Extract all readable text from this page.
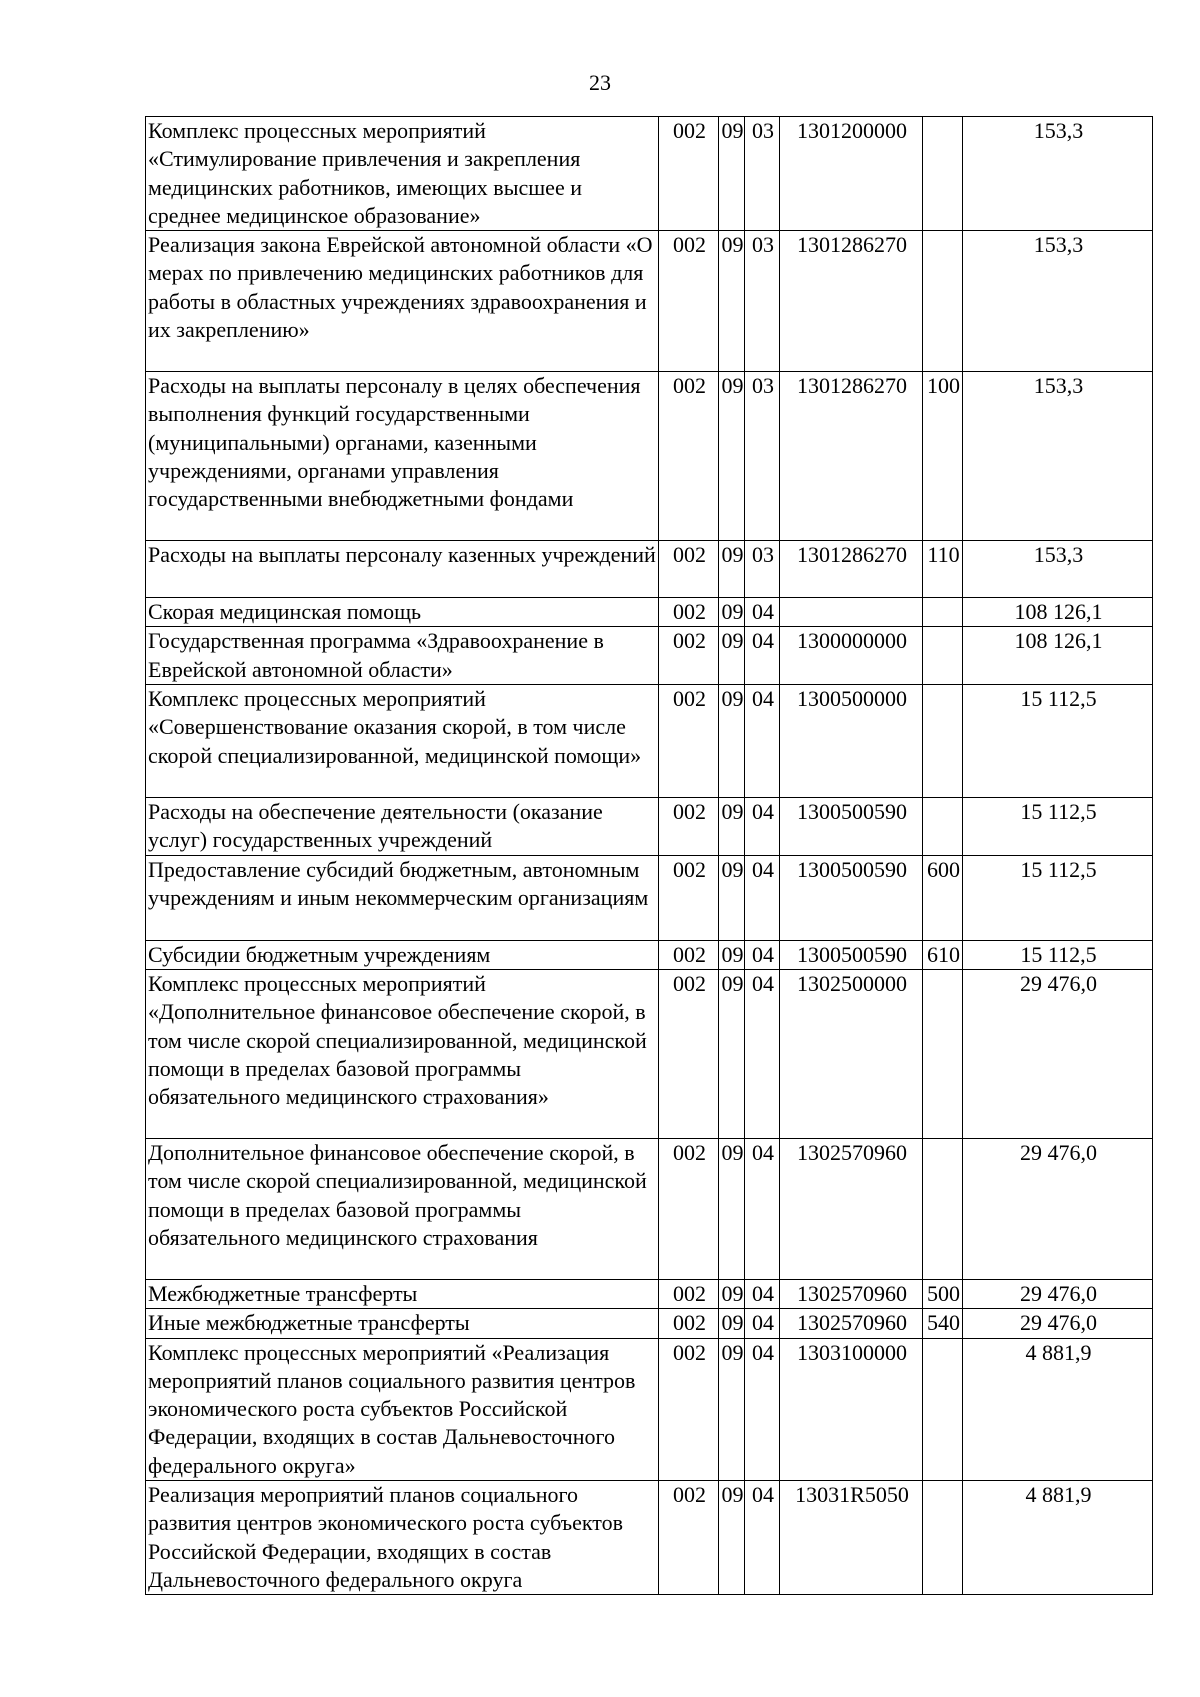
23
Комплекс процессных мероприятий «Стимулирование привлечения и закрепления медицинских работников, имеющих высшее и среднее медицинское образование»	002	09	03	1301200000		153,3
Реализация закона Еврейской автономной области «О мерах по привлечению медицинских работников для работы в областных учреждениях здравоохранения и их закреплению»	002	09	03	1301286270		153,3
Расходы на выплаты персоналу в целях обеспечения выполнения функций государственными (муниципальными) органами, казенными учреждениями, органами управления государственными внебюджетными фондами	002	09	03	1301286270	100	153,3
Расходы на выплаты персоналу казенных учреждений	002	09	03	1301286270	110	153,3
Скорая медицинская помощь	002	09	04			108 126,1
Государственная программа «Здравоохранение в Еврейской автономной области»	002	09	04	1300000000		108 126,1
Комплекс процессных мероприятий «Совершенствование оказания скорой, в том числе скорой специализированной, медицинской помощи»	002	09	04	1300500000		15 112,5
Расходы на обеспечение деятельности (оказание услуг) государственных учреждений	002	09	04	1300500590		15 112,5
Предоставление субсидий бюджетным, автономным учреждениям и иным некоммерческим организациям	002	09	04	1300500590	600	15 112,5
Субсидии бюджетным учреждениям	002	09	04	1300500590	610	15 112,5
Комплекс процессных мероприятий «Дополнительное финансовое обеспечение скорой, в том числе скорой специализированной, медицинской помощи в пределах базовой программы обязательного медицинского страхования»	002	09	04	1302500000		29 476,0
Дополнительное финансовое обеспечение скорой, в том числе скорой специализированной, медицинской помощи в пределах базовой программы обязательного медицинского страхования	002	09	04	1302570960		29 476,0
Межбюджетные трансферты	002	09	04	1302570960	500	29 476,0
Иные межбюджетные трансферты	002	09	04	1302570960	540	29 476,0
Комплекс процессных мероприятий «Реализация мероприятий планов социального развития центров экономического роста субъектов Российской Федерации, входящих в состав Дальневосточного федерального округа»	002	09	04	1303100000		4 881,9
Реализация мероприятий планов социального развития центров экономического роста субъектов Российской Федерации, входящих в состав Дальневосточного федерального округа	002	09	04	13031R5050		4 881,9
